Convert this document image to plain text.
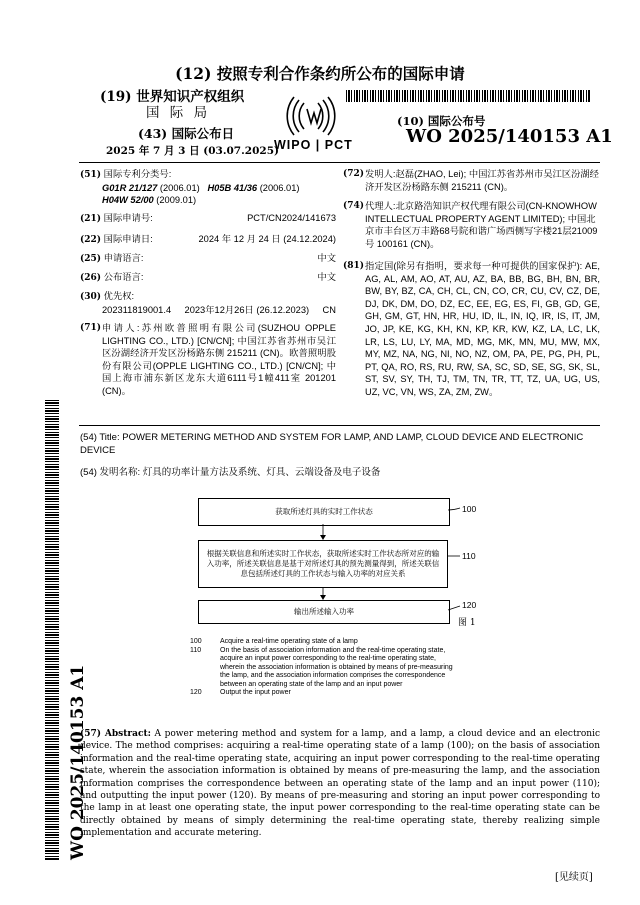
(12) 按照专利合作条约所公布的国际申请
(19) 世界知识产权组织
国 际 局
(43) 国际公布日
2025 年 7 月 3 日 (03.07.2025)
(10) 国际公布号
WO 2025/140153 A1
WIPO | PCT
(51) 国际专利分类号:
G01R 21/127 (2006.01) H05B 41/36 (2006.01)
H04W 52/00 (2009.01)
(21) 国际申请号:	PCT/CN2024/141673
(22) 国际申请日:	2024 年 12 月 24 日 (24.12.2024)
(25) 申请语言:	中文
(26) 公布语言:	中文
(30) 优先权:
202311819001.4 2023年12月26日 (26.12.2023) CN
(71) 申请人:苏州欧普照明有限公司(SUZHOU OPPLE LIGHTING CO., LTD.) [CN/CN]; 中国江苏省苏州市吴江区汾湖经济开发区汾杨路东侧 215211 (CN)。欧普照明股份有限公司(OPPLE LIGHTING CO., LTD.) [CN/CN]; 中国上海市浦东新区龙东大道6111号1幢411室 201201 (CN)。
(72) 发明人:赵磊(ZHAO, Lei); 中国江苏省苏州市吴江区汾湖经济开发区汾杨路东侧 215211 (CN)。
(74) 代理人:北京路浩知识产权代理有限公司(CN-KNOWHOW INTELLECTUAL PROPERTY AGENT LIMITED); 中国北京市丰台区万丰路68号院和谐广场西侧写字楼21层21009号 100161 (CN)。
(81) 指定国(除另有指明，要求每一种可提供的国家保护): AE, AG, AL, AM, AO, AT, AU, AZ, BA, BB, BG, BH, BN, BR, BW, BY, BZ, CA, CH, CL, CN, CO, CR, CU, CV, CZ, DE, DJ, DK, DM, DO, DZ, EC, EE, EG, ES, FI, GB, GD, GE, GH, GM, GT, HN, HR, HU, ID, IL, IN, IQ, IR, IS, IT, JM, JO, JP, KE, KG, KH, KN, KP, KR, KW, KZ, LA, LC, LK, LR, LS, LU, LY, MA, MD, MG, MK, MN, MU, MW, MX, MY, MZ, NA, NG, NI, NO, NZ, OM, PA, PE, PG, PH, PL, PT, QA, RO, RS, RU, RW, SA, SC, SD, SE, SG, SK, SL, ST, SV, SY, TH, TJ, TM, TN, TR, TT, TZ, UA, UG, US, UZ, VC, VN, WS, ZA, ZM, ZW。
WO 2025/140153 A1
(54) Title: POWER METERING METHOD AND SYSTEM FOR LAMP, AND LAMP, CLOUD DEVICE AND ELECTRONIC DEVICE
(54) 发明名称: 灯具的功率计量方法及系统、灯具、云端设备及电子设备
获取所述灯具的实时工作状态
根据关联信息和所述实时工作状态，获取所述实时工作状态所对应的输入功率，所述关联信息是基于对所述灯具的预先测量得到，所述关联信息包括所述灯具的工作状态与输入功率的对应关系
输出所述输入功率
100
110
120
图 1
100	Acquire a real-time operating state of a lamp
110	On the basis of association information and the real-time operating state, acquire an input power corresponding to the real-time operating state, wherein the association information is obtained by means of pre-measuring the lamp, and the association information comprises the correspondence between an operating state of the lamp and an input power
120	Output the input power
(57) Abstract: A power metering method and system for a lamp, and a lamp, a cloud device and an electronic device. The method comprises: acquiring a real-time operating state of a lamp (100); on the basis of association information and the real-time operating state, acquiring an input power corresponding to the real-time operating state, wherein the association information is obtained by means of pre-measuring the lamp, and the association information comprises the correspondence between an operating state of the lamp and an input power (110); and outputting the input power (120). By means of pre-measuring and storing an input power corresponding to the lamp in at least one operating state, the input power corresponding to the real-time operating state can be directly obtained by means of simply determining the real-time operating state, thereby realizing simple implementation and accurate metering.
[见续页]
